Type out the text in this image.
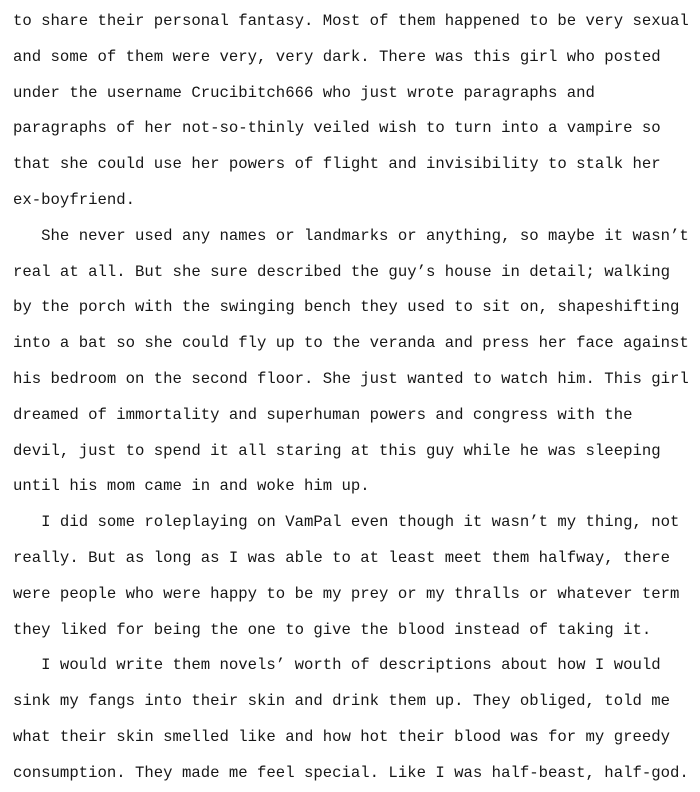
to share their personal fantasy. Most of them happened to be very sexual
and some of them were very, very dark. There was this girl who posted
under the username Crucibitch666 who just wrote paragraphs and
paragraphs of her not-so-thinly veiled wish to turn into a vampire so
that she could use her powers of flight and invisibility to stalk her
ex-boyfriend.
She never used any names or landmarks or anything, so maybe it wasn’t
real at all. But she sure described the guy’s house in detail; walking
by the porch with the swinging bench they used to sit on, shapeshifting
into a bat so she could fly up to the veranda and press her face against
his bedroom on the second floor. She just wanted to watch him. This girl
dreamed of immortality and superhuman powers and congress with the
devil, just to spend it all staring at this guy while he was sleeping
until his mom came in and woke him up.
I did some roleplaying on VamPal even though it wasn’t my thing, not
really. But as long as I was able to at least meet them halfway, there
were people who were happy to be my prey or my thralls or whatever term
they liked for being the one to give the blood instead of taking it.
I would write them novels’ worth of descriptions about how I would
sink my fangs into their skin and drink them up. They obliged, told me
what their skin smelled like and how hot their blood was for my greedy
consumption. They made me feel special. Like I was half-beast, half-god.
